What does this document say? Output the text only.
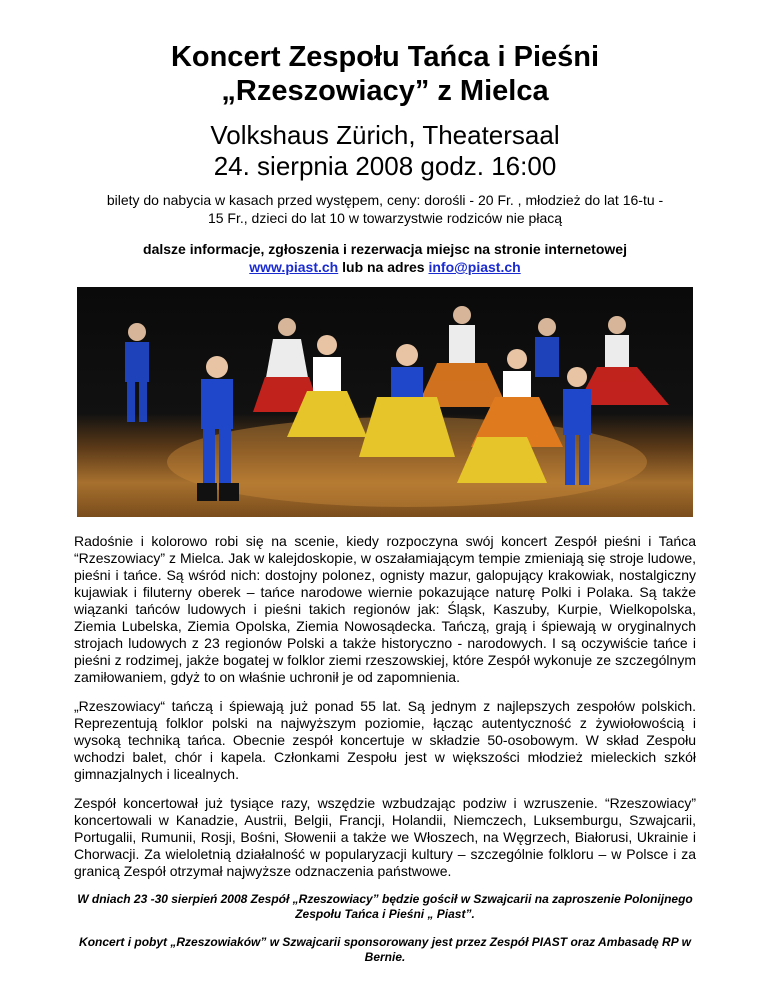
Koncert Zespołu Tańca i Pieśni
„Rzeszowiacy” z Mielca
Volkshaus Zürich, Theatersaal
24. sierpnia 2008 godz. 16:00
bilety do nabycia w kasach przed występem, ceny: dorośli - 20 Fr. , młodzież do lat 16-tu -
15 Fr., dzieci do lat 10 w towarzystwie rodziców nie płacą
dalsze informacje, zgłoszenia i rezerwacja miejsc na stronie internetowej
www.piast.ch lub na adres info@piast.ch

Radośnie i kolorowo robi się na scenie, kiedy rozpoczyna swój koncert Zespół pieśni i Tańca “Rzeszowiacy” z Mielca. Jak w kalejdoskopie, w oszałamiającym tempie zmieniają się stroje ludowe, pieśni i tańce. Są wśród nich: dostojny polonez, ognisty mazur, galopujący krakowiak, nostalgiczny kujawiak i filuterny oberek – tańce narodowe wiernie pokazujące naturę Polki i Polaka. Są także wiązanki tańców ludowych i pieśni takich regionów jak: Śląsk, Kaszuby, Kurpie, Wielkopolska, Ziemia Lubelska, Ziemia Opolska, Ziemia Nowosądecka. Tańczą, grają i śpiewają w oryginalnych strojach ludowych z 23 regionów Polski a także historyczno - narodowych. I są oczywiście tańce i pieśni z rodzimej, jakże bogatej w folklor ziemi rzeszowskiej, które Zespół wykonuje ze szczególnym zamiłowaniem, gdyż to on właśnie uchronił je od zapomnienia.

„Rzeszowiacy“ tańczą i śpiewają już ponad 55 lat. Są jednym z najlepszych zespołów polskich. Reprezentują folklor polski na najwyższym poziomie, łącząc autentyczność z żywiołowością i wysoką techniką tańca. Obecnie zespół koncertuje w składzie 50-osobowym. W skład Zespołu wchodzi balet, chór i kapela. Członkami Zespołu jest w większości młodzież mieleckich szkół gimnazjalnych i licealnych.

Zespół koncertował już tysiące razy, wszędzie wzbudzając podziw i wzruszenie. “Rzeszowiacy” koncertowali w Kanadzie, Austrii, Belgii, Francji, Holandii, Niemczech, Luksemburgu, Szwajcarii, Portugalii, Rumunii, Rosji, Bośni, Słowenii a także we Włoszech, na Węgrzech, Białorusi, Ukrainie i Chorwacji. Za wieloletnią działalność w popularyzacji kultury – szczególnie folkloru – w Polsce i za granicą Zespół otrzymał najwyższe odznaczenia państwowe.

W dniach 23 -30 sierpień 2008 Zespół „Rzeszowiacy” będzie gościł w Szwajcarii na zaproszenie Polonijnego Zespołu Tańca i Pieśni „ Piast”.

Koncert i pobyt „Rzeszowiaków” w Szwajcarii sponsorowany jest przez Zespół PIAST oraz Ambasadę RP w Bernie.
